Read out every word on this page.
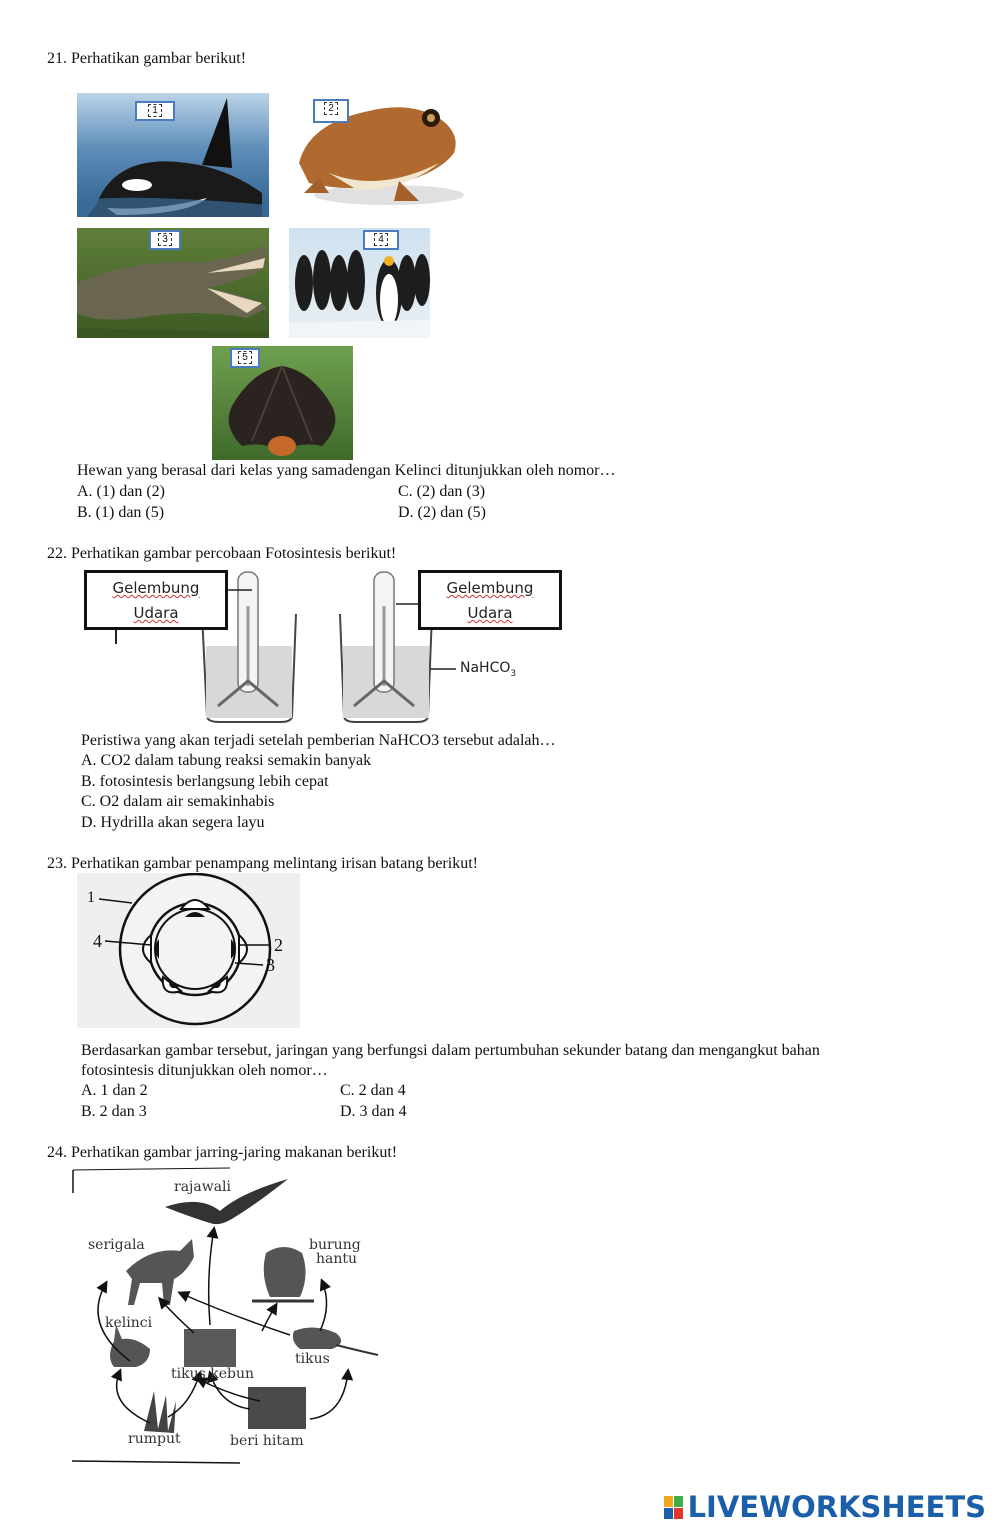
21. Perhatikan gambar berikut!
1	2
3	4
5
Hewan yang berasal dari kelas yang samadengan Kelinci ditunjukkan oleh nomor…
A. (1) dan (2)
B. (1) dan (5)
C. (2) dan (3)
D. (2) dan (5)
22. Perhatikan gambar percobaan Fotosintesis berikut!
Gelembung
Udara
Gelembung
Udara
NaHCO$_3$
Peristiwa yang akan terjadi setelah pemberian NaHCO3 tersebut adalah…
A. CO2 dalam tabung reaksi semakin banyak
B. fotosintesis berlangsung lebih cepat
C. O2 dalam air semakinhabis
D. Hydrilla akan segera layu
23. Perhatikan gambar penampang melintang irisan batang berikut!
1
2
3
4
Berdasarkan gambar tersebut, jaringan yang berfungsi dalam pertumbuhan sekunder batang dan mengangkut bahan
fotosintesis ditunjukkan oleh nomor…
A. 1 dan 2
B. 2 dan 3
C. 2 dan 4
D. 3 dan 4
24. Perhatikan gambar jarring-jaring makanan berikut!
rajawali
serigala	burung
hantu
kelinci
tikus
tikus kebun
rumput	beri hitam
LIVEWORKSHEETS
